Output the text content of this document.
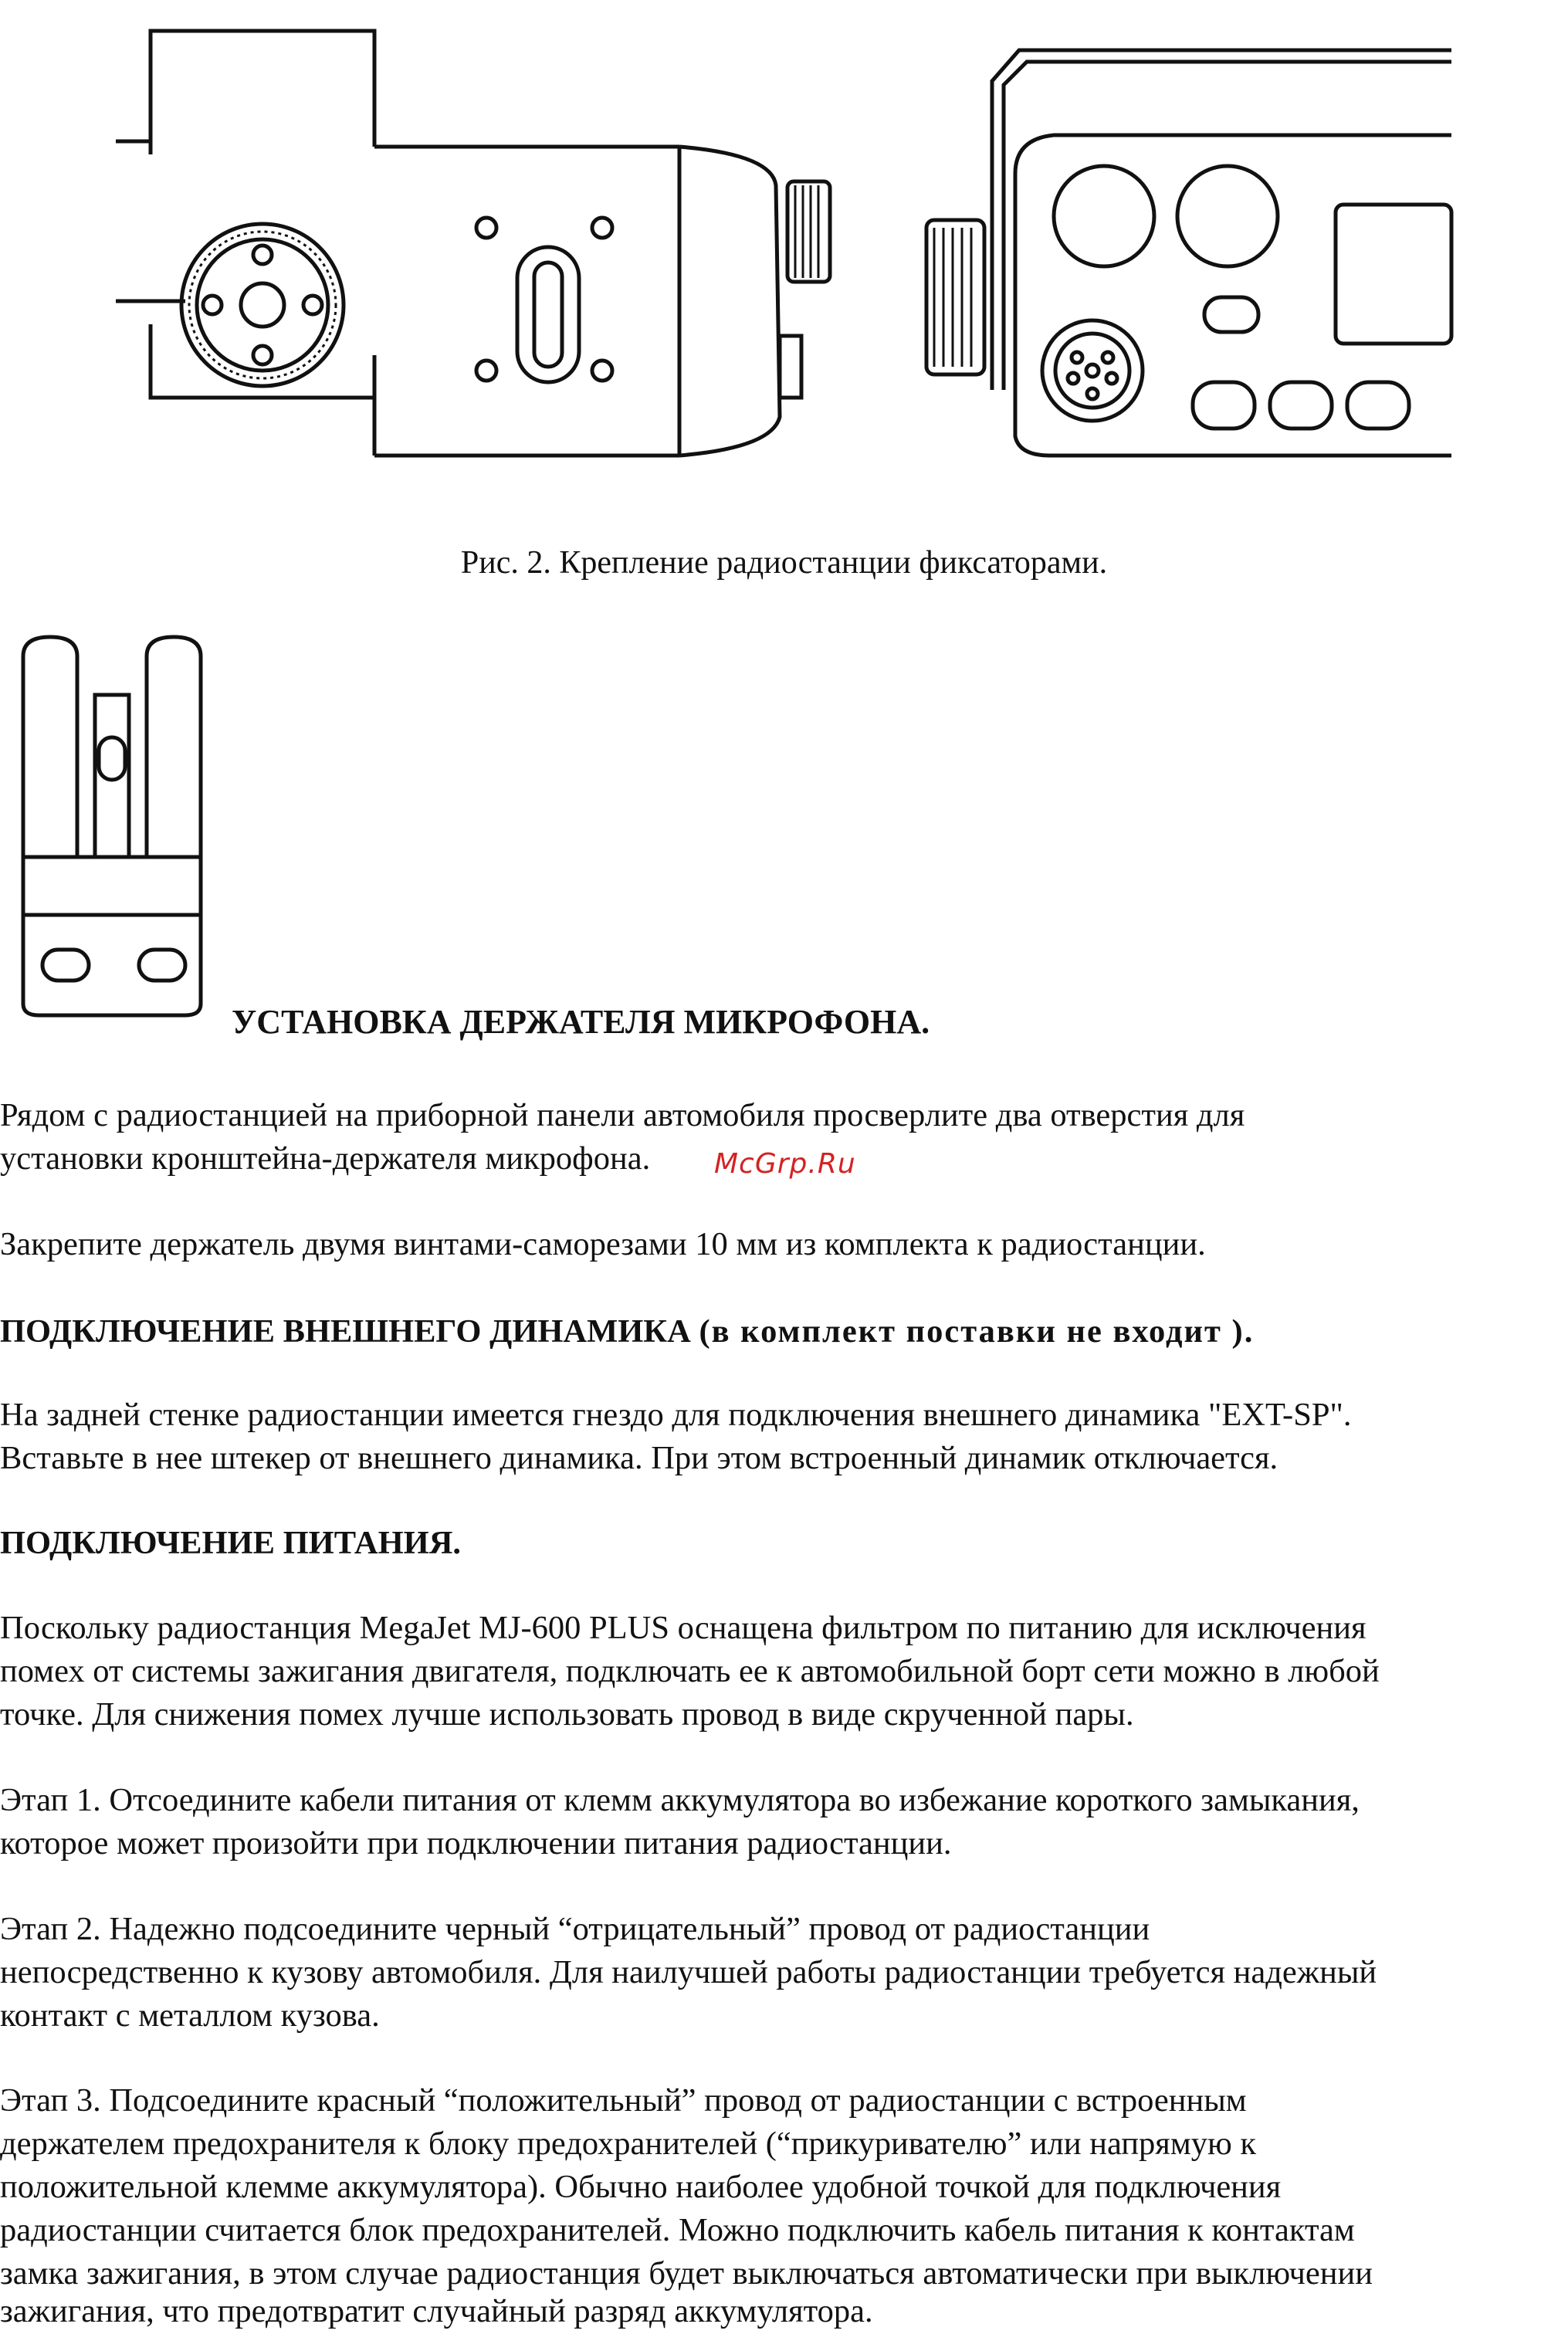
Рис. 2. Крепление радиостанции фиксаторами.
УСТАНОВКА ДЕРЖАТЕЛЯ МИКРОФОНА.

Рядом с радиостанцией на приборной панели автомобиля просверлите два отверстия для

установки кронштейна-держателя микрофона.	McGrp.Ru

Закрепите держатель двумя винтами-саморезами 10 мм из комплекта к радиостанции.

ПОДКЛЮЧЕНИЕ ВНЕШНЕГО ДИНАМИКА (в комплект поставки не входит ).

На задней стенке радиостанции имеется гнездо для подключения внешнего динамика "EXT-SP".

Вставьте в нее штекер от внешнего динамика. При этом встроенный динамик отключается.

ПОДКЛЮЧЕНИЕ ПИТАНИЯ.

Поскольку радиостанция MegaJet MJ-600 PLUS оснащена фильтром по питанию для исключения

помех от системы зажигания двигателя, подключать ее к автомобильной борт сети можно в любой

точке. Для снижения помех лучше использовать провод в виде скрученной пары.

Этап 1. Отсоедините кабели питания от клемм аккумулятора во избежание короткого замыкания,

которое может произойти при подключении питания радиостанции.

Этап 2. Надежно подсоедините черный “отрицательный” провод от радиостанции

непосредственно к кузову автомобиля. Для наилучшей работы радиостанции требуется надежный

контакт с металлом кузова.

Этап 3. Подсоедините красный “положительный” провод от радиостанции с встроенным

держателем предохранителя к блоку предохранителей (“прикуривателю” или напрямую к

положительной клемме аккумулятора). Обычно наиболее удобной точкой для подключения

радиостанции считается блок предохранителей. Можно подключить кабель питания к контактам

замка зажигания, в этом случае радиостанция будет выключаться автоматически при выключении

зажигания, что предотвратит случайный разряд аккумулятора.
